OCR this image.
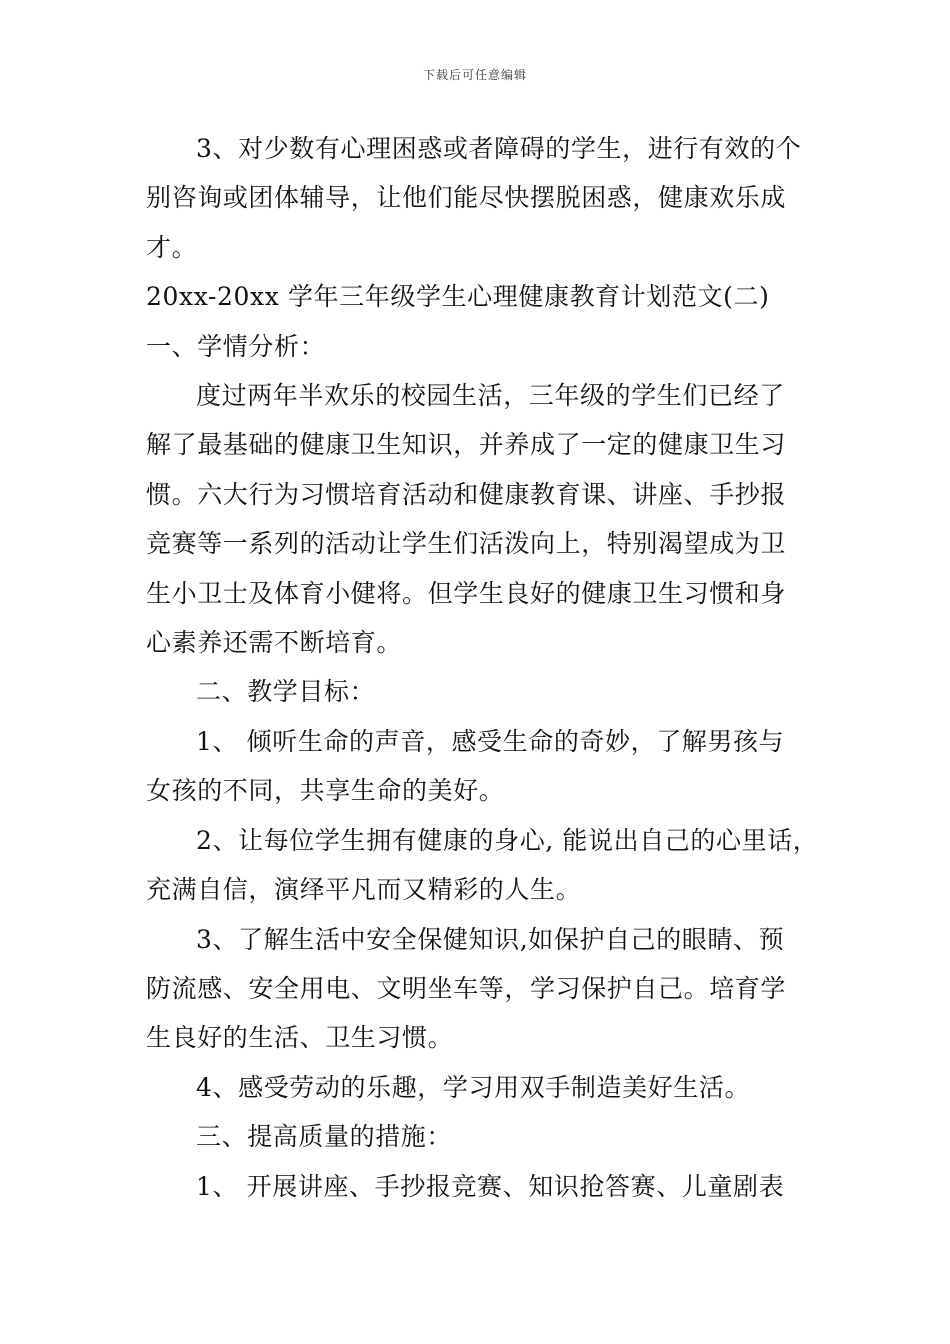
下载后可任意编辑

3、对少数有心理困惑或者障碍的学生，进行有效的个

别咨询或团体辅导，让他们能尽快摆脱困惑，健康欢乐成

才。

20xx-20xx 学年三年级学生心理健康教育计划范文(二)

一、学情分析：

度过两年半欢乐的校园生活，三年级的学生们已经了

解了最基础的健康卫生知识，并养成了一定的健康卫生习

惯。六大行为习惯培育活动和健康教育课、讲座、手抄报

竞赛等一系列的活动让学生们活泼向上，特别渴望成为卫

生小卫士及体育小健将。但学生良好的健康卫生习惯和身

心素养还需不断培育。

二、教学目标：

1、 倾听生命的声音，感受生命的奇妙，了解男孩与

女孩的不同，共享生命的美好。

2、让每位学生拥有健康的身心, 能说出自己的心里话，

充满自信，演绎平凡而又精彩的人生。

3、了解生活中安全保健知识,如保护自己的眼睛、预

防流感、安全用电、文明坐车等，学习保护自己。培育学

生良好的生活、卫生习惯。

4、感受劳动的乐趣，学习用双手制造美好生活。

三、提高质量的措施：

1、 开展讲座、手抄报竞赛、知识抢答赛、儿童剧表
